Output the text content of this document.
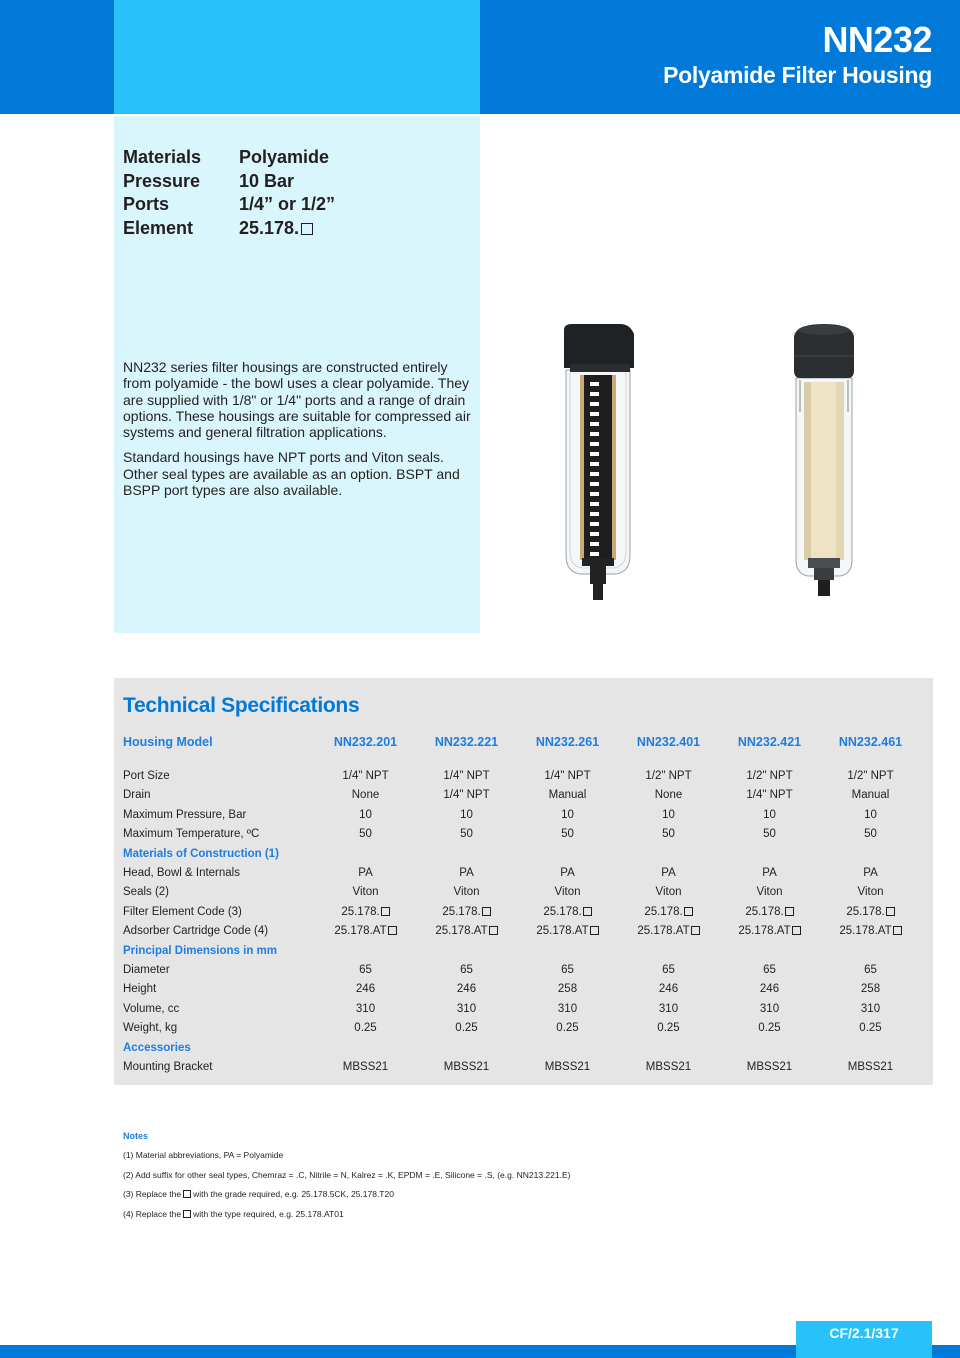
NN232
Polyamide Filter Housing
Materials	Polyamide
Pressure	10 Bar
Ports	1/4” or 1/2”
Element	25.178.

NN232 series filter housings are constructed entirely from polyamide - the bowl uses a clear polyamide. They are supplied with 1/8" or 1/4" ports and a range of drain options. These housings are suitable for compressed air systems and general filtration applications.

Standard housings have NPT ports and Viton seals. Other seal types are available as an option. BSPT and BSPP port types are also available.

Technical Specifications
Housing Model	NN232.201	NN232.221	NN232.261	NN232.401	NN232.421	NN232.461

Port Size	1/4" NPT	1/4" NPT	1/4" NPT	1/2" NPT	1/2" NPT	1/2" NPT
Drain	None	1/4" NPT	Manual	None	1/4" NPT	Manual
Maximum Pressure, Bar	10	10	10	10	10	10
Maximum Temperature, ºC	50	50	50	50	50	50
Materials of Construction (1)						
Head, Bowl & Internals	PA	PA	PA	PA	PA	PA
Seals (2)	Viton	Viton	Viton	Viton	Viton	Viton
Filter Element Code (3)	25.178.	25.178.	25.178.	25.178.	25.178.	25.178.
Adsorber Cartridge Code (4)	25.178.AT	25.178.AT	25.178.AT	25.178.AT	25.178.AT	25.178.AT
Principal Dimensions in mm						
Diameter	65	65	65	65	65	65
Height	246	246	258	246	246	258
Volume, cc	310	310	310	310	310	310
Weight, kg	0.25	0.25	0.25	0.25	0.25	0.25
Accessories						
Mounting Bracket	MBSS21	MBSS21	MBSS21	MBSS21	MBSS21	MBSS21
Notes
(1) Material abbreviations, PA = Polyamide
(2) Add suffix for other seal types, Chemraz = .C, Nitrile = N, Kalrez = .K, EPDM = .E, Silicone = .S, (e.g. NN213.221.E)
(3) Replace the with the grade required, e.g. 25.178.5CK, 25.178.T20
(4) Replace the with the type required, e.g. 25.178.AT01
CF/2.1/317
